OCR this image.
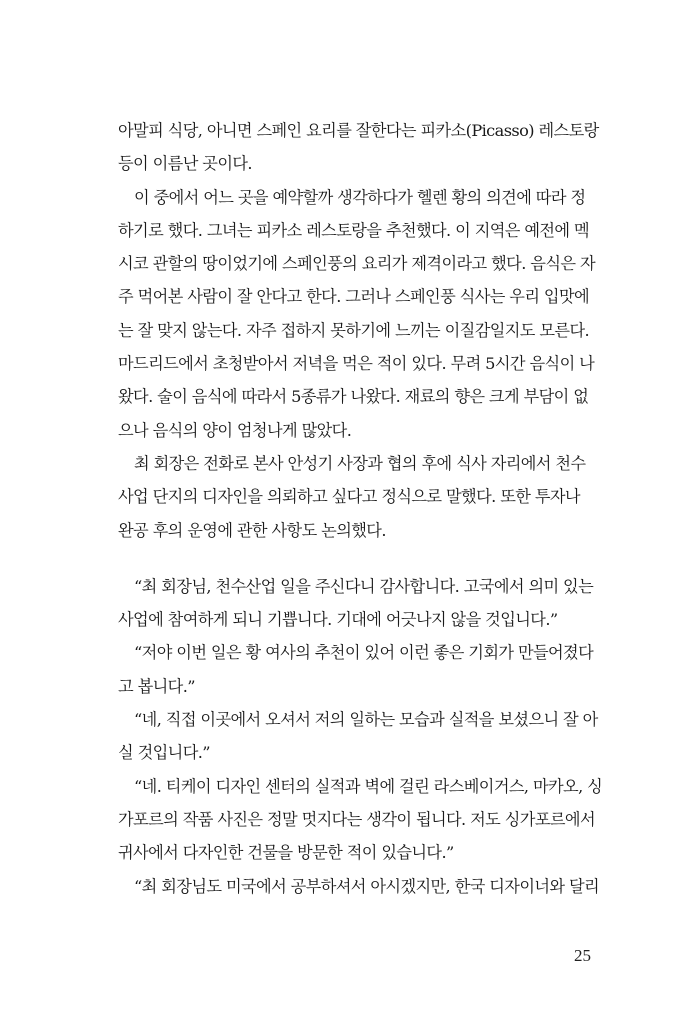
아말피 식당, 아니면 스페인 요리를 잘한다는 피카소(Picasso) 레스토랑
등이 이름난 곳이다.
이 중에서 어느 곳을 예약할까 생각하다가 헬렌 황의 의견에 따라 정
하기로 했다. 그녀는 피카소 레스토랑을 추천했다. 이 지역은 예전에 멕
시코 관할의 땅이었기에 스페인풍의 요리가 제격이라고 했다. 음식은 자
주 먹어본 사람이 잘 안다고 한다. 그러나 스페인풍 식사는 우리 입맛에
는 잘 맞지 않는다. 자주 접하지 못하기에 느끼는 이질감일지도 모른다.
마드리드에서 초청받아서 저녁을 먹은 적이 있다. 무려 5시간 음식이 나
왔다. 술이 음식에 따라서 5종류가 나왔다. 재료의 향은 크게 부담이 없
으나 음식의 양이 엄청나게 많았다.
최 회장은 전화로 본사 안성기 사장과 협의 후에 식사 자리에서 천수
사업 단지의 디자인을 의뢰하고 싶다고 정식으로 말했다. 또한 투자나
완공 후의 운영에 관한 사항도 논의했다.
“최 회장님, 천수산업 일을 주신다니 감사합니다. 고국에서 의미 있는
사업에 참여하게 되니 기쁩니다. 기대에 어긋나지 않을 것입니다.”
“저야 이번 일은 황 여사의 추천이 있어 이런 좋은 기회가 만들어졌다
고 봅니다.”
“네, 직접 이곳에서 오셔서 저의 일하는 모습과 실적을 보셨으니 잘 아
실 것입니다.”
“네. 티케이 디자인 센터의 실적과 벽에 걸린 라스베이거스, 마카오, 싱
가포르의 작품 사진은 정말 멋지다는 생각이 됩니다. 저도 싱가포르에서
귀사에서 다자인한 건물을 방문한 적이 있습니다.”
“최 회장님도 미국에서 공부하셔서 아시겠지만, 한국 디자이너와 달리
25
